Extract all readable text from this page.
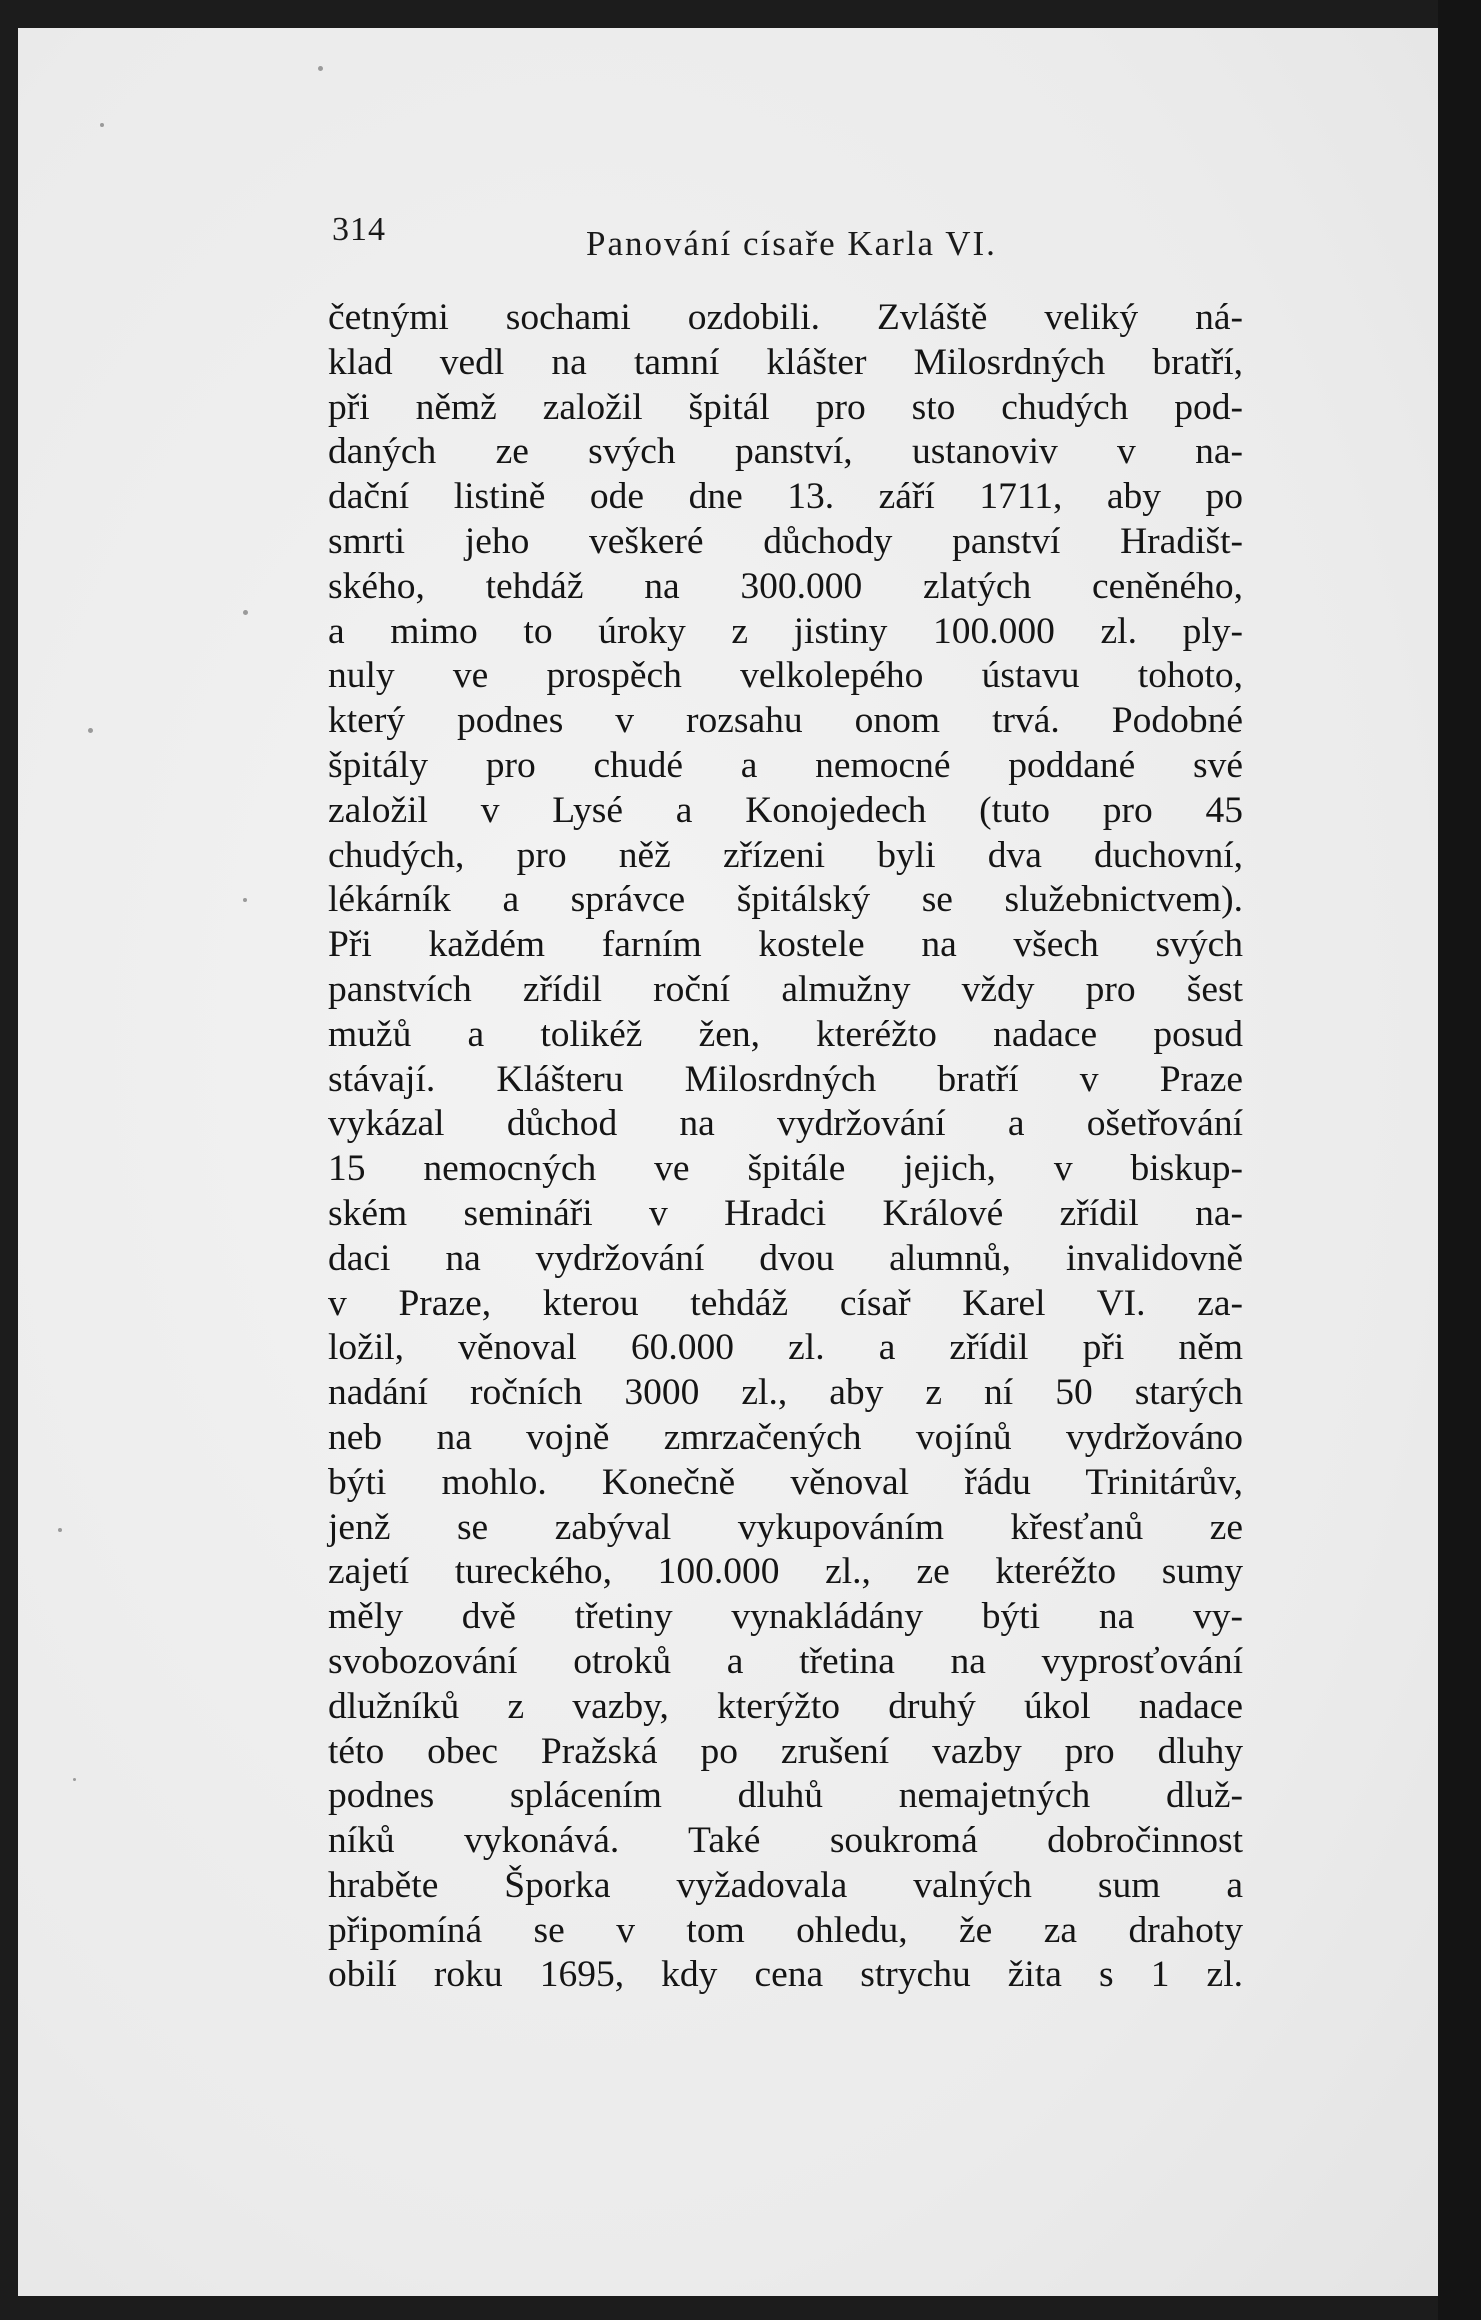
314	Panování císaře Karla VI.
četnými sochami ozdobili. Zvláště veliký ná-
klad vedl na tamní klášter Milosrdných bratří,
při němž založil špitál pro sto chudých pod-
daných ze svých panství, ustanoviv v na-
dační listině ode dne 13. září 1711, aby po
smrti jeho veškeré důchody panství Hradišt-
ského, tehdáž na 300.000 zlatých ceněného,
a mimo to úroky z jistiny 100.000 zl. ply-
nuly ve prospěch velkolepého ústavu tohoto,
který podnes v rozsahu onom trvá. Podobné
špitály pro chudé a nemocné poddané své
založil v Lysé a Konojedech (tuto pro 45
chudých, pro něž zřízeni byli dva duchovní,
lékárník a správce špitálský se služebnictvem).
Při každém farním kostele na všech svých
panstvích zřídil roční almužny vždy pro šest
mužů a tolikéž žen, kteréžto nadace posud
stávají. Klášteru Milosrdných bratří v Praze
vykázal důchod na vydržování a ošetřování
15 nemocných ve špitále jejich, v biskup-
ském semináři v Hradci Králové zřídil na-
daci na vydržování dvou alumnů, invalidovně
v Praze, kterou tehdáž císař Karel VI. za-
ložil, věnoval 60.000 zl. a zřídil při něm
nadání ročních 3000 zl., aby z ní 50 starých
neb na vojně zmrzačených vojínů vydržováno
býti mohlo. Konečně věnoval řádu Trinitárův,
jenž se zabýval vykupováním křesťanů ze
zajetí tureckého, 100.000 zl., ze kteréžto sumy
měly dvě třetiny vynakládány býti na vy-
svobozování otroků a třetina na vyprosťování
dlužníků z vazby, kterýžto druhý úkol nadace
této obec Pražská po zrušení vazby pro dluhy
podnes splácením dluhů nemajetných dluž-
níků vykonává. Také soukromá dobročinnost
hraběte Šporka vyžadovala valných sum a
připomíná se v tom ohledu, že za drahoty
obilí roku 1695, kdy cena strychu žita s 1 zl.
